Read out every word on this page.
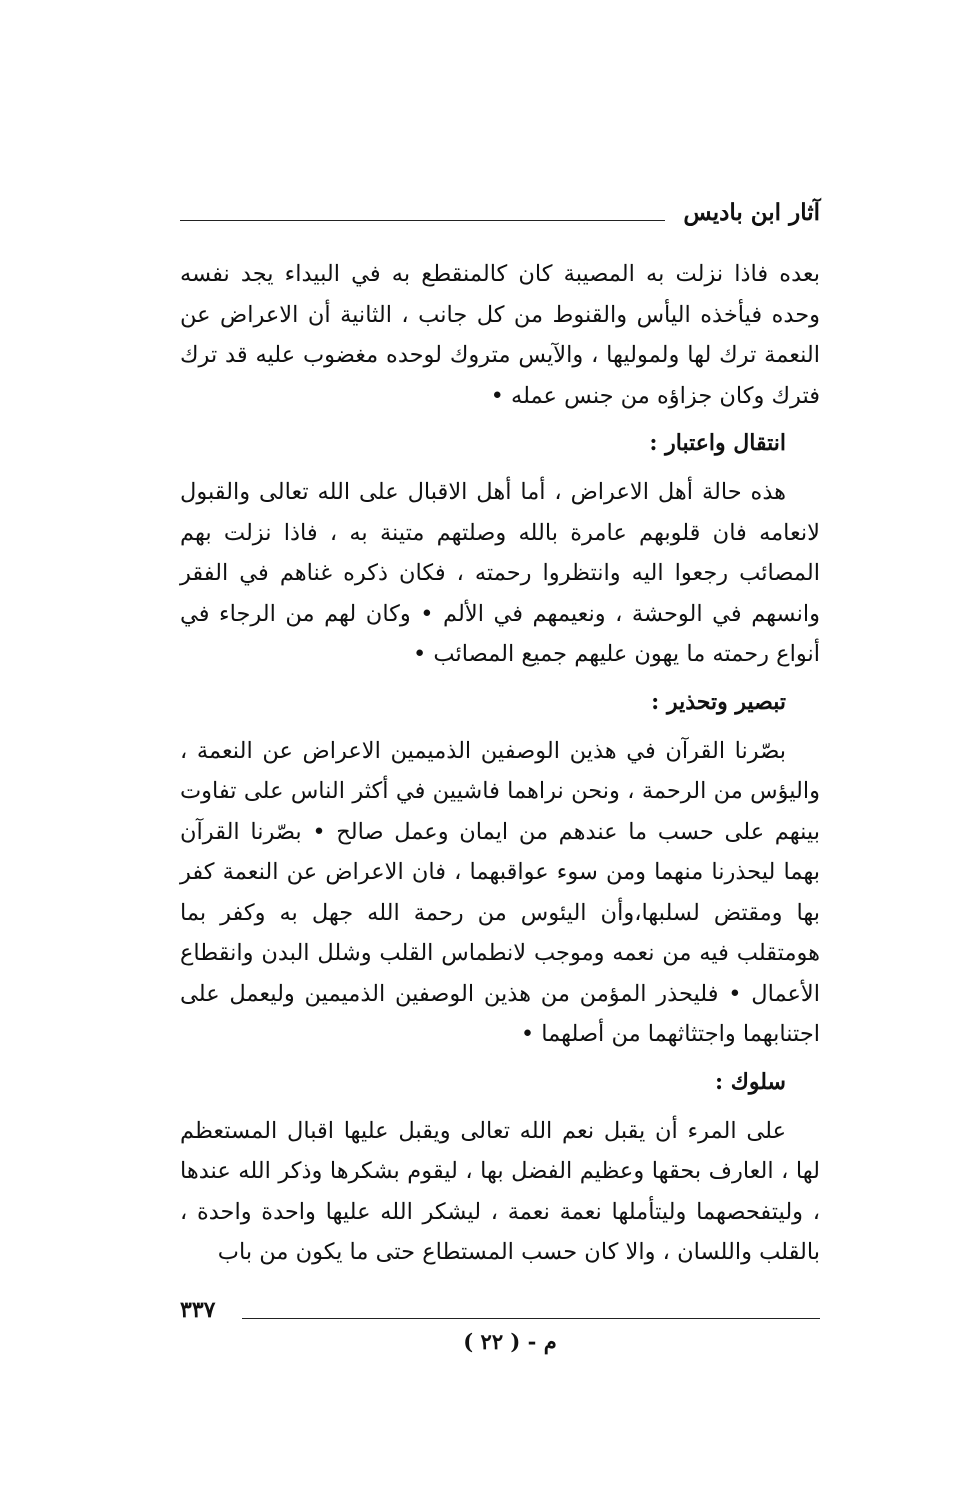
آثار ابن باديس

بعده فاذا نزلت به المصيبة كان كالمنقطع به في البيداء يجد نفسه وحده فيأخذه اليأس والقنوط من كل جانب ، الثانية أن الاعراض عن النعمة ترك لها ولموليها ، والآيس متروك لوحده مغضوب عليه قد ترك فترك وكان جزاؤه من جنس عمله •

انتقال واعتبار :

هذه حالة أهل الاعراض ، أما أهل الاقبال على الله تعالى والقبول لانعامه فان قلوبهم عامرة بالله وصلتهم متينة به ، فاذا نزلت بهم المصائب رجعوا اليه وانتظروا رحمته ، فكان ذكره غناهم في الفقر وانسهم في الوحشة ، ونعيمهم في الألم • وكان لهم من الرجاء في أنواع رحمته ما يهون عليهم جميع المصائب •

تبصير وتحذير :

بصّرنا القرآن في هذين الوصفين الذميمين الاعراض عن النعمة ، واليؤس من الرحمة ، ونحن نراهما فاشيين في أكثر الناس على تفاوت بينهم على حسب ما عندهم من ايمان وعمل صالح • بصّرنا القرآن بهما ليحذرنا منهما ومن سوء عواقبهما ، فان الاعراض عن النعمة كفر بها ومقتض لسلبها،وأن اليئوس من رحمة الله جهل به وكفر بما هومتقلب فيه من نعمه وموجب لانطماس القلب وشلل البدن وانقطاع الأعمال • فليحذر المؤمن من هذين الوصفين الذميمين وليعمل على اجتنابهما واجتثاثهما من أصلهما •

سلوك :

على المرء أن يقبل نعم الله تعالى ويقبل عليها اقبال المستعظم لها ، العارف بحقها وعظيم الفضل بها ، ليقوم بشكرها وذكر الله عندها ، وليتفحصهما وليتأملها نعمة نعمة ، ليشكر الله عليها واحدة واحدة ، بالقلب واللسان ، والا كان حسب المستطاع حتى ما يكون من باب

٣٣٧
م - ( ٢٢ )
